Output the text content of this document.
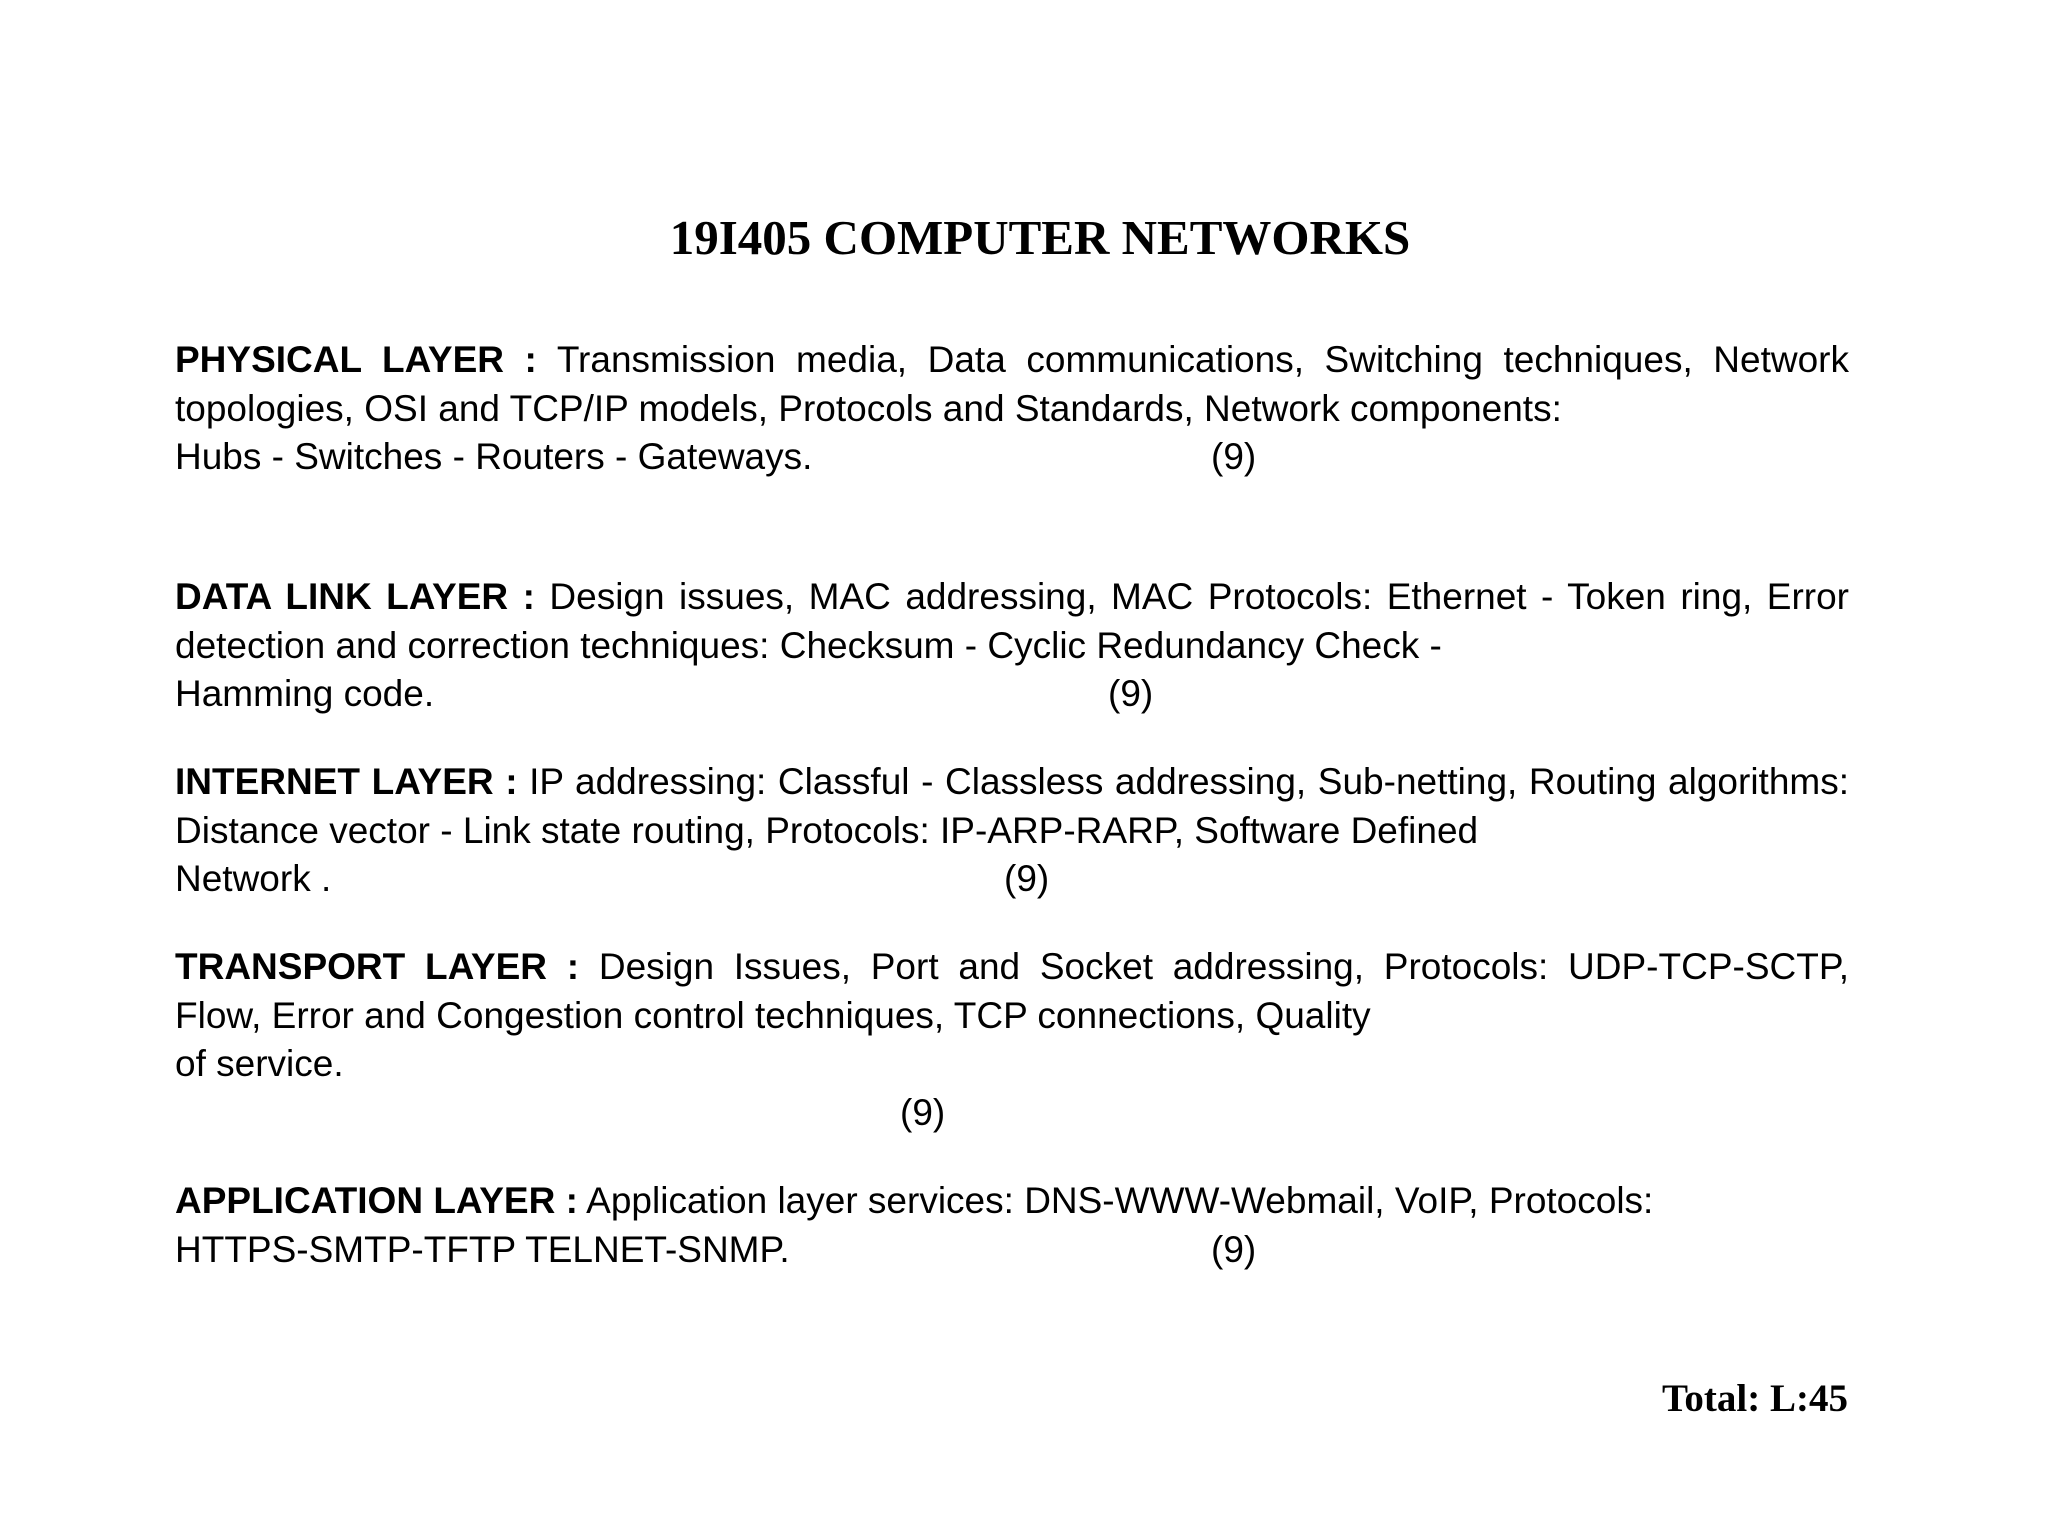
19I405 COMPUTER NETWORKS
PHYSICAL LAYER : Transmission media, Data communications, Switching techniques, Network topologies, OSI and TCP/IP models, Protocols and Standards, Network components:
Hubs - Switches - Routers - Gateways.	(9)
DATA LINK LAYER : Design issues, MAC addressing, MAC Protocols: Ethernet - Token ring, Error detection and correction techniques: Checksum - Cyclic Redundancy Check -
Hamming code.	(9)
INTERNET LAYER : IP addressing: Classful - Classless addressing, Sub-netting, Routing algorithms: Distance vector - Link state routing, Protocols: IP-ARP-RARP, Software Defined
Network .	(9)
TRANSPORT LAYER : Design Issues, Port and Socket addressing, Protocols: UDP-TCP-SCTP, Flow, Error and Congestion control techniques, TCP connections, Quality
of service.
(9)
APPLICATION LAYER : Application layer services: DNS-WWW-Webmail, VoIP, Protocols:
HTTPS-SMTP-TFTP TELNET-SNMP.	(9)
Total: L:45
